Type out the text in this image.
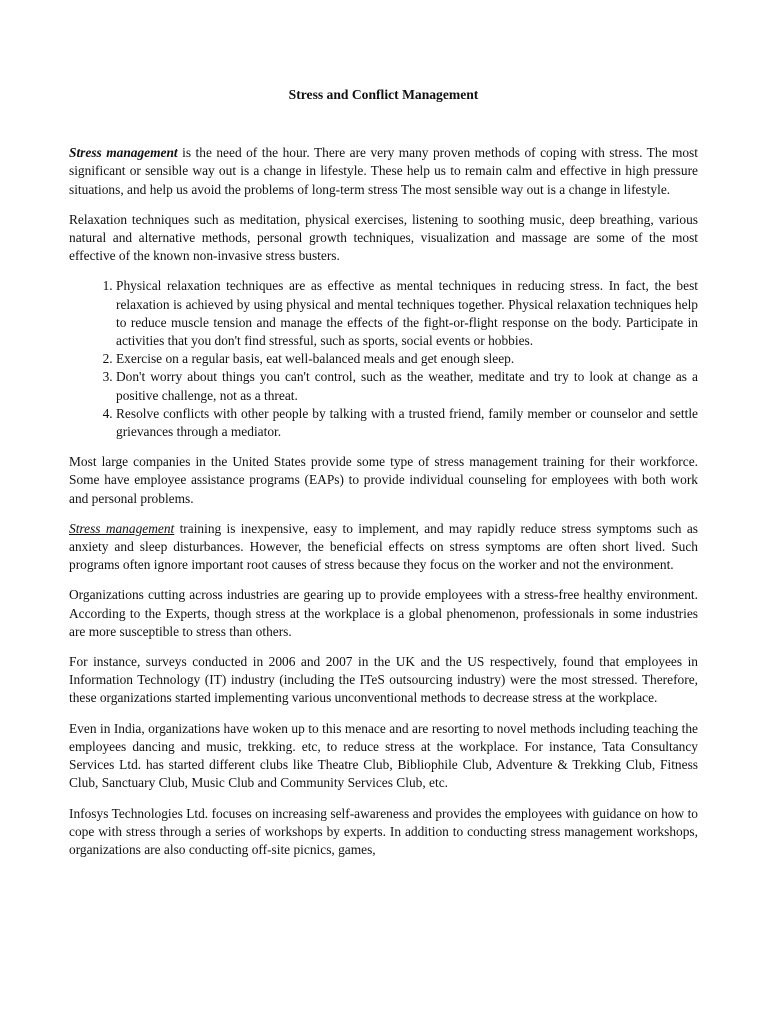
Stress and Conflict Management

Stress management is the need of the hour. There are very many proven methods of coping with stress. The most significant or sensible way out is a change in lifestyle. These help us to remain calm and effective in high pressure situations, and help us avoid the problems of long-term stress The most sensible way out is a change in lifestyle.

Relaxation techniques such as meditation, physical exercises, listening to soothing music, deep breathing, various natural and alternative methods, personal growth techniques, visualization and massage are some of the most effective of the known non-invasive stress busters.

1. Physical relaxation techniques are as effective as mental techniques in reducing stress. In fact, the best relaxation is achieved by using physical and mental techniques together. Physical relaxation techniques help to reduce muscle tension and manage the effects of the fight-or-flight response on the body. Participate in activities that you don't find stressful, such as sports, social events or hobbies.
2. Exercise on a regular basis, eat well-balanced meals and get enough sleep.
3. Don't worry about things you can't control, such as the weather, meditate and try to look at change as a positive challenge, not as a threat.
4. Resolve conflicts with other people by talking with a trusted friend, family member or counselor and settle grievances through a mediator.

Most large companies in the United States provide some type of stress management training for their workforce. Some have employee assistance programs (EAPs) to provide individual counseling for employees with both work and personal problems.

Stress management training is inexpensive, easy to implement, and may rapidly reduce stress symptoms such as anxiety and sleep disturbances. However, the beneficial effects on stress symptoms are often short lived. Such programs often ignore important root causes of stress because they focus on the worker and not the environment.

Organizations cutting across industries are gearing up to provide employees with a stress-free healthy environment. According to the Experts, though stress at the workplace is a global phenomenon, professionals in some industries are more susceptible to stress than others.

For instance, surveys conducted in 2006 and 2007 in the UK and the US respectively, found that employees in Information Technology (IT) industry (including the ITeS outsourcing industry) were the most stressed. Therefore, these organizations started implementing various unconventional methods to decrease stress at the workplace.

Even in India, organizations have woken up to this menace and are resorting to novel methods including teaching the employees dancing and music, trekking. etc, to reduce stress at the workplace. For instance, Tata Consultancy Services Ltd. has started different clubs like Theatre Club, Bibliophile Club, Adventure & Trekking Club, Fitness Club, Sanctuary Club, Music Club and Community Services Club, etc.

Infosys Technologies Ltd. focuses on increasing self-awareness and provides the employees with guidance on how to cope with stress through a series of workshops by experts. In addition to conducting stress management workshops, organizations are also conducting off-site picnics, games,
